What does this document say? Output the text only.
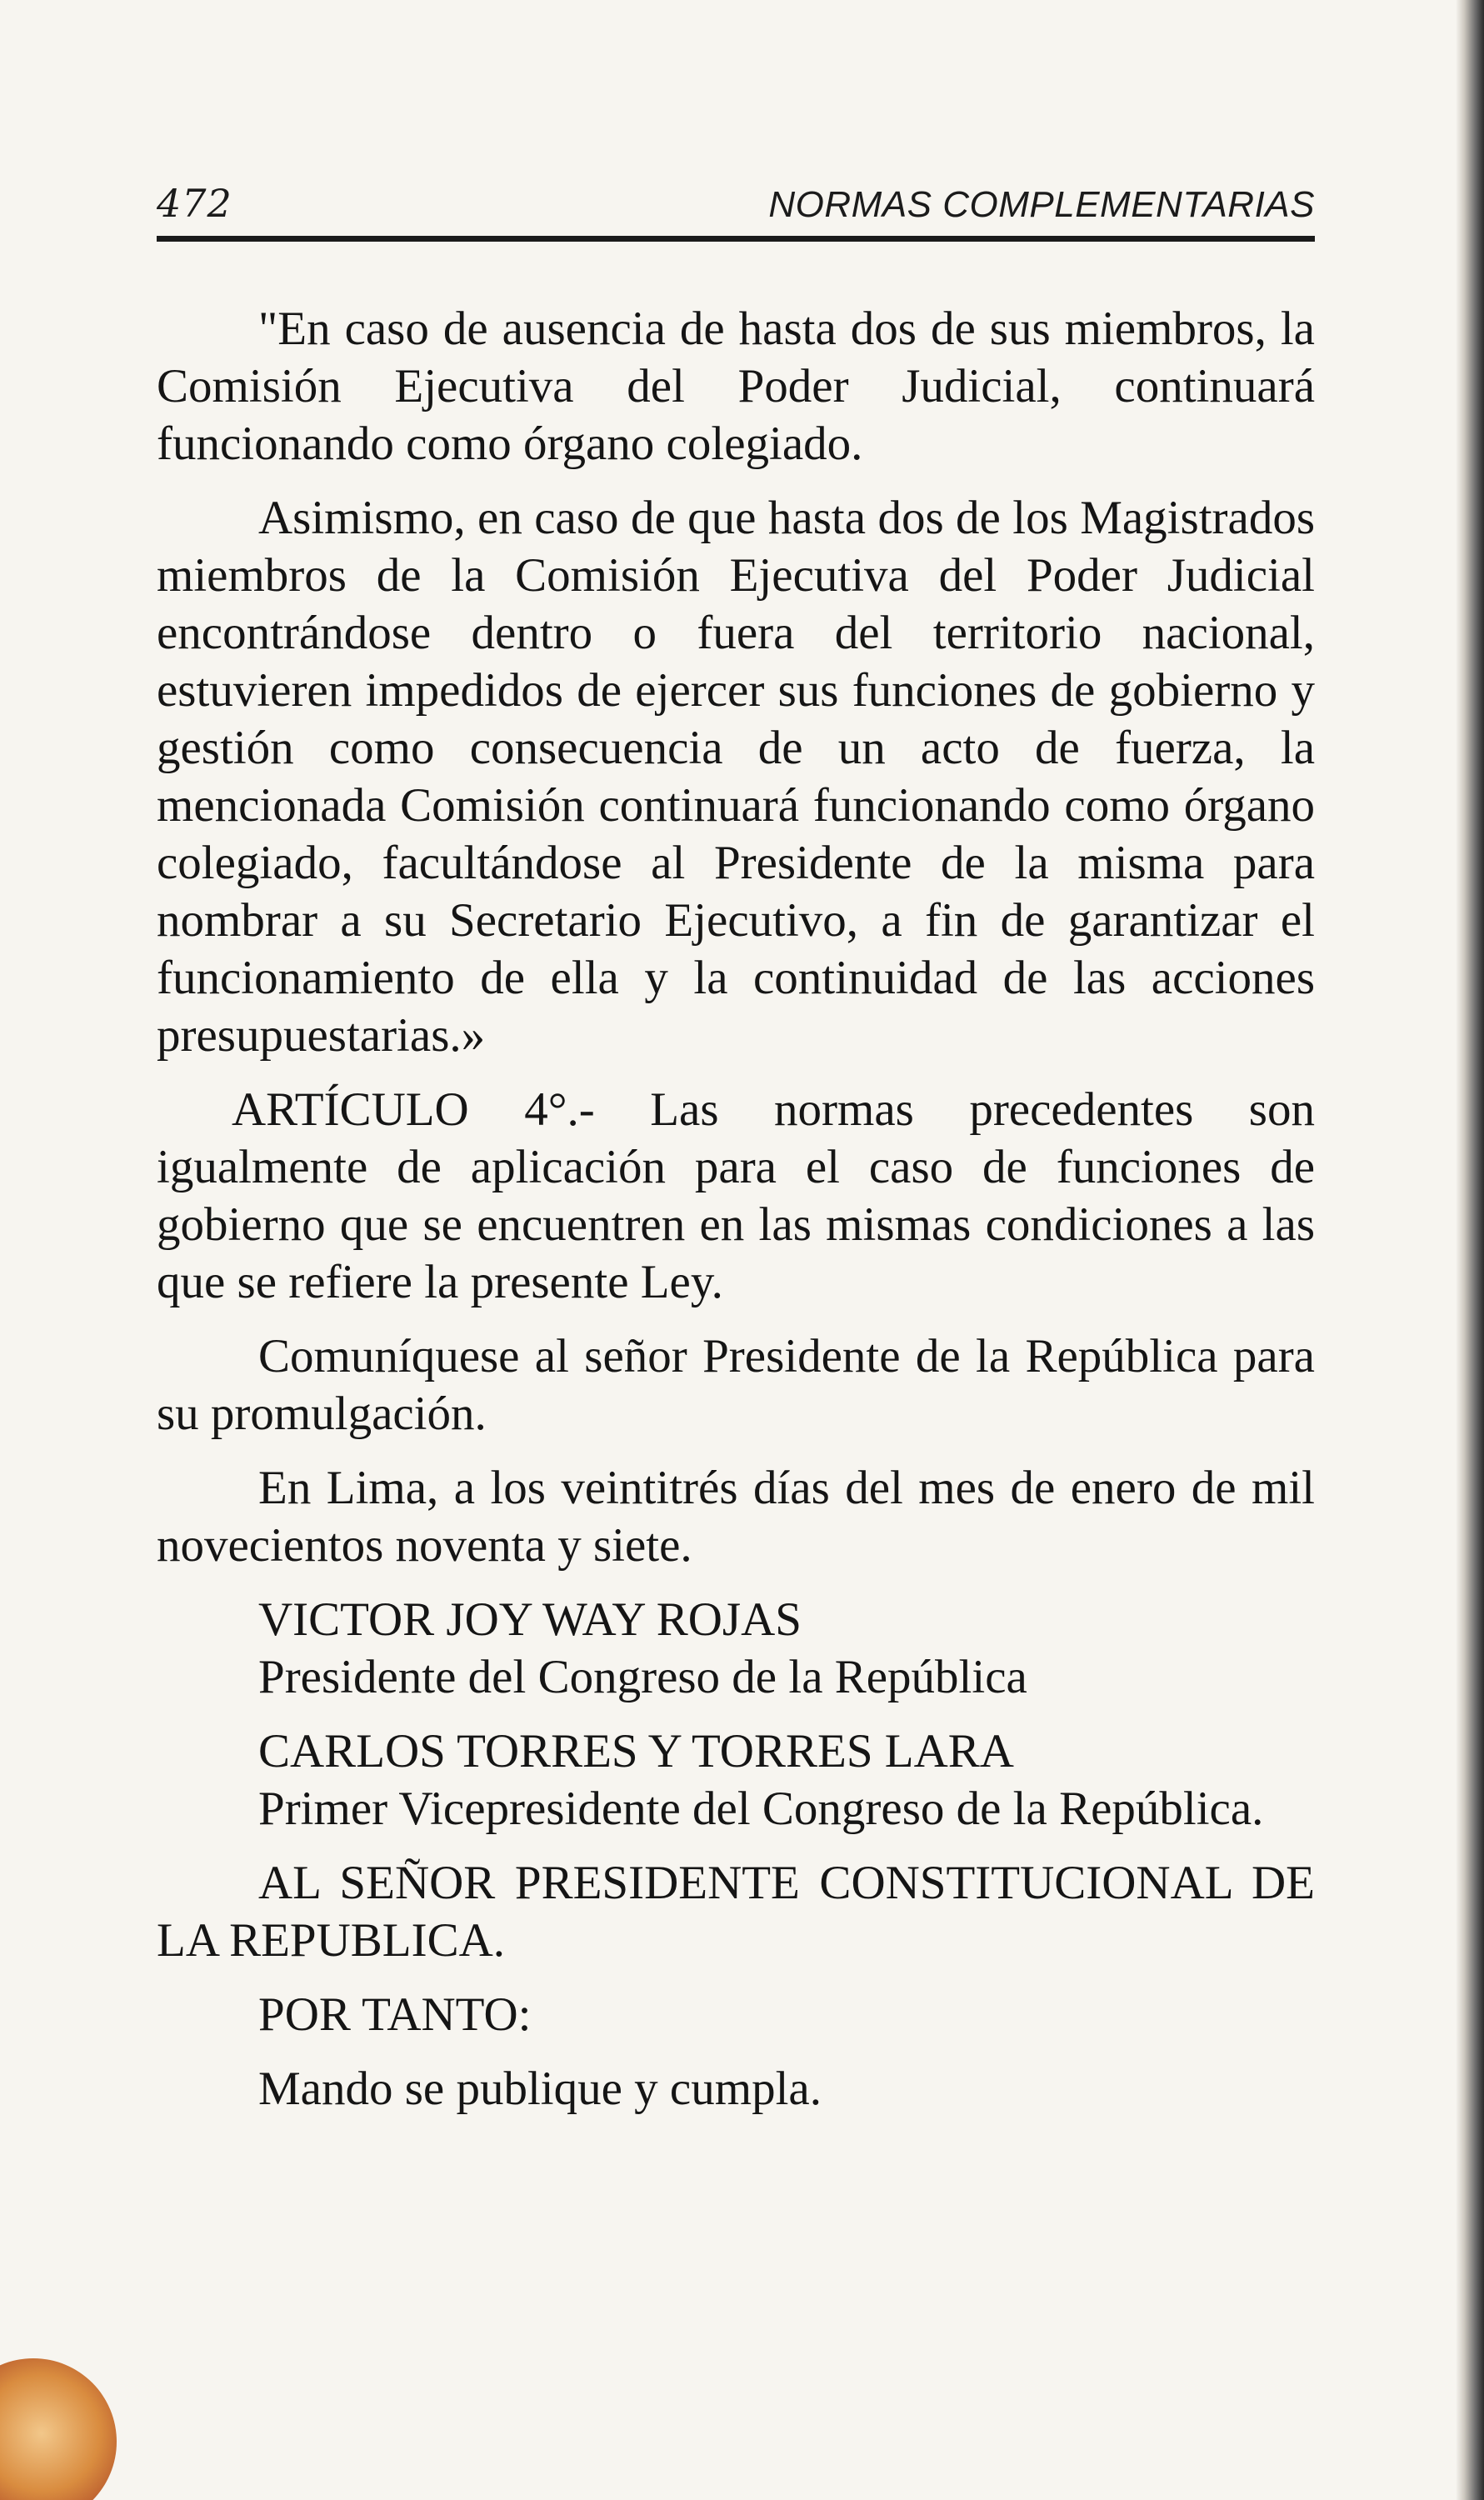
472	NORMAS COMPLEMENTARIAS

"En caso de ausencia de hasta dos de sus miembros, la Comisión Ejecutiva del Poder Judicial, continuará funcionando como órgano colegiado.

Asimismo, en caso de que hasta dos de los Magistrados miembros de la Comisión Ejecutiva del Poder Judicial encontrándose dentro o fuera del territorio nacional, estuvieren impedidos de ejercer sus funciones de gobierno y gestión como consecuencia de un acto de fuerza, la mencionada Comisión continuará funcionando como órgano colegiado, facultándose al Presidente de la misma para nombrar a su Secretario Ejecutivo, a fin de garantizar el funcionamiento de ella y la continuidad de las acciones presupuestarias.»

ARTÍCULO 4°.- Las normas precedentes son igualmente de aplicación para el caso de funciones de gobierno que se encuentren en las mismas condiciones a las que se refiere la presente Ley.

Comuníquese al señor Presidente de la República para su promulgación.

En Lima, a los veintitrés días del mes de enero de mil novecientos noventa y siete.

VICTOR JOY WAY ROJAS
Presidente del Congreso de la República
CARLOS TORRES Y TORRES LARA

Primer Vicepresidente del Congreso de la República.

AL SEÑOR PRESIDENTE CONSTITUCIONAL DE LA REPUBLICA.

POR TANTO:

Mando se publique y cumpla.
